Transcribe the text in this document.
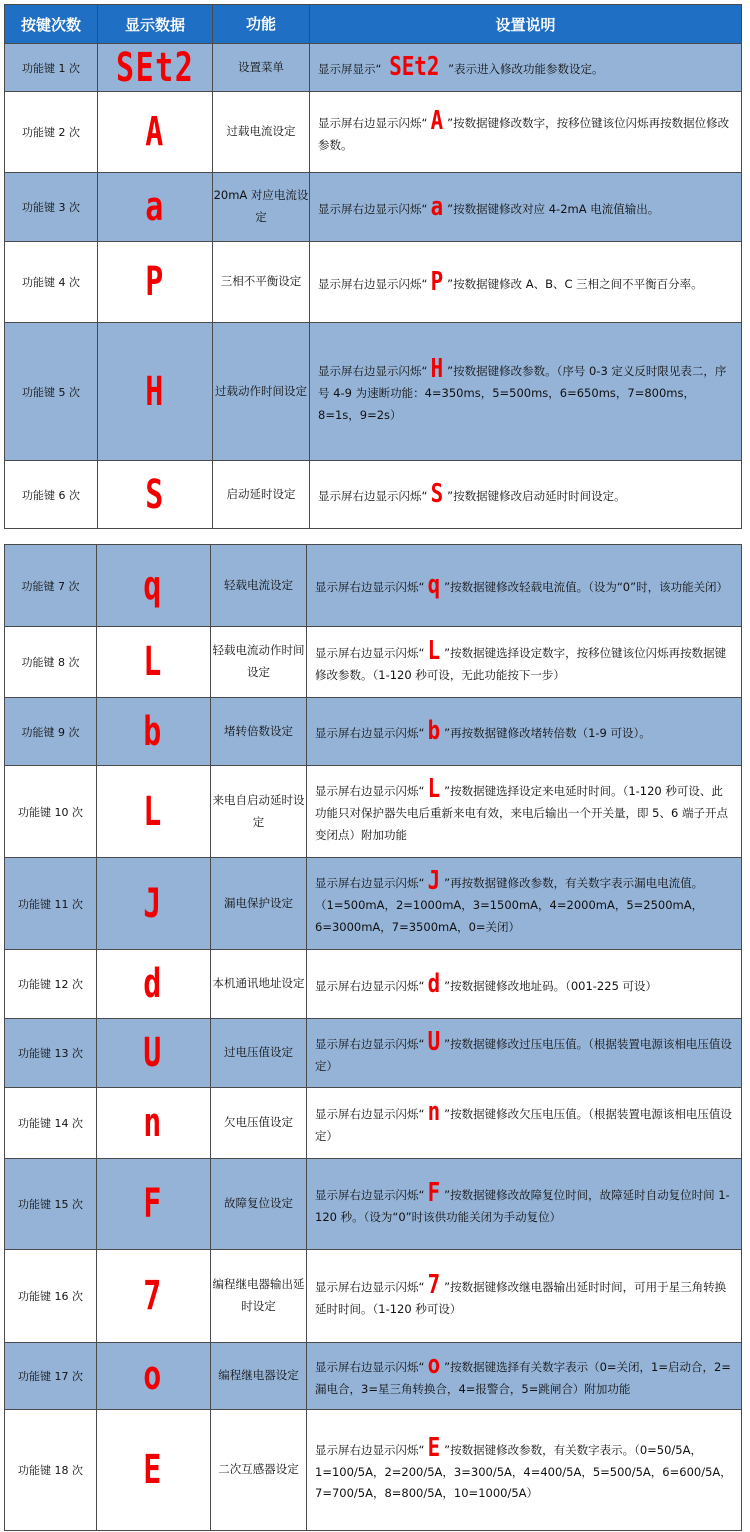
按键次数	显示数据	功能	设置说明
功能键 1 次	SEt2	设置菜单	显示屏显示“ SEt2 ”表示进入修改功能参数设定。
功能键 2 次	A	过载电流设定	显示屏右边显示闪烁“ A ”按数据键修改数字，按移位键该位闪烁再按数据位修改参数。
功能键 3 次	a	20mA 对应电流设定	显示屏右边显示闪烁“ a ”按数据键修改对应 4-2mA 电流值输出。
功能键 4 次	P	三相不平衡设定	显示屏右边显示闪烁“ P ”按数据键修改 A、B、C 三相之间不平衡百分率。
功能键 5 次	H	过载动作时间设定	显示屏右边显示闪烁“ H ”按数据键修改参数。（序号 0-3 定义反时限见表二，序号 4-9 为速断功能：4=350ms，5=500ms，6=650ms，7=800ms，8=1s，9=2s）
功能键 6 次	S	启动延时设定	显示屏右边显示闪烁“ S ”按数据键修改启动延时时间设定。
功能键 7 次	q	轻载电流设定	显示屏右边显示闪烁“ q ”按数据键修改轻载电流值。（设为“0”时，该功能关闭）
功能键 8 次	L	轻载电流动作时间设定	显示屏右边显示闪烁“ L ”按数据键选择设定数字，按移位键该位闪烁再按数据键修改参数。（1-120 秒可设，无此功能按下一步）
功能键 9 次	b	堵转倍数设定	显示屏右边显示闪烁“ b ”再按数据键修改堵转倍数（1-9 可设）。
功能键 10 次	L	来电自启动延时设定	显示屏右边显示闪烁“ L ”按数据键选择设定来电延时时间。（1-120 秒可设、此功能只对保护器失电后重新来电有效，来电后输出一个开关量，即 5、6 端子开点变闭点）附加功能
功能键 11 次	J	漏电保护设定	显示屏右边显示闪烁“ J ”再按数据键修改参数，有关数字表示漏电电流值。（1=500mA，2=1000mA，3=1500mA，4=2000mA，5=2500mA，6=3000mA，7=3500mA，0=关闭）
功能键 12 次	d	本机通讯地址设定	显示屏右边显示闪烁“ d ”按数据键修改地址码。（001-225 可设）
功能键 13 次	U	过电压值设定	显示屏右边显示闪烁“ U ”按数据键修改过压电压值。（根据装置电源该相电压值设定）
功能键 14 次	n	欠电压值设定	显示屏右边显示闪烁“ n ”按数据键修改欠压电压值。（根据装置电源该相电压值设定）
功能键 15 次	F	故障复位设定	显示屏右边显示闪烁“ F ”按数据键修改故障复位时间，故障延时自动复位时间 1-120 秒。（设为“0”时该供功能关闭为手动复位）
功能键 16 次	7	编程继电器输出延时设定	显示屏右边显示闪烁“ 7 ”按数据键修改继电器输出延时时间，可用于星三角转换延时时间。（1-120 秒可设）
功能键 17 次	o	编程继电器设定	显示屏右边显示闪烁“ o ”按数据键选择有关数字表示（0=关闭，1=启动合，2=漏电合，3=星三角转换合，4=报警合，5=跳闸合）附加功能
功能键 18 次	E	二次互感器设定	显示屏右边显示闪烁“ E ”按数据键修改参数，有关数字表示。（0=50/5A，1=100/5A，2=200/5A，3=300/5A，4=400/5A，5=500/5A，6=600/5A，7=700/5A，8=800/5A，10=1000/5A）
